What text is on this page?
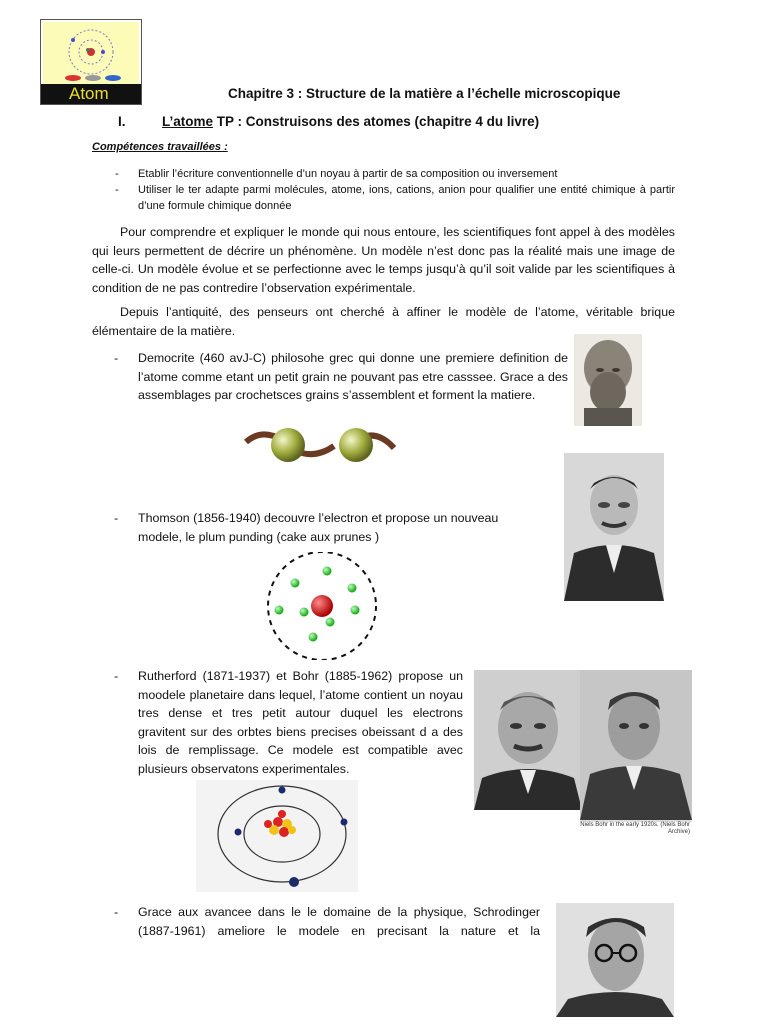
Atom	Chapitre 3 : Structure de la matière a l’échelle microscopique
I.	L’atome TP : Construisons des atomes (chapitre 4 du livre)
Compétences travaillées :
- Etablir l’écriture conventionnelle d’un noyau à partir de sa composition ou inversement
- Utiliser le ter adapte parmi molécules, atome, ions, cations, anion pour qualifier une entité chimique à partir d’une formule chimique donnée
Pour comprendre et expliquer le monde qui nous entoure, les scientifiques font appel à des modèles qui leurs permettent de décrire un phénomène. Un modèle n’est donc pas la réalité mais une image de celle-ci. Un modèle évolue et se perfectionne avec le temps jusqu’à qu’il soit valide par les scientifiques à condition de ne pas contredire l’observation expérimentale.
Depuis l’antiquité, des penseurs ont cherché à affiner le modèle de l’atome, véritable brique élémentaire de la matière.
- Democrite (460 avJ-C) philosohe grec qui donne une premiere definition de l’atome comme etant un petit grain ne pouvant pas etre casssee. Grace a des assemblages par crochetsces grains s’assemblent et forment la matiere.
- Thomson (1856-1940) decouvre l’electron et propose un nouveau modele, le plum punding (cake aux prunes )
- Rutherford (1871-1937) et Bohr (1885-1962) propose un moodele planetaire dans lequel, l’atome contient un noyau tres dense et tres petit autour duquel les electrons gravitent sur des orbtes biens precises obeissant d a des lois de remplissage. Ce modele est compatible avec plusieurs observatons experimentales.
Niels Bohr in the early 1920s. (Niels Bohr Archive)
- Grace aux avancee dans le le domaine de la physique, Schrodinger (1887-1961) ameliore le modele en precisant la nature et la
